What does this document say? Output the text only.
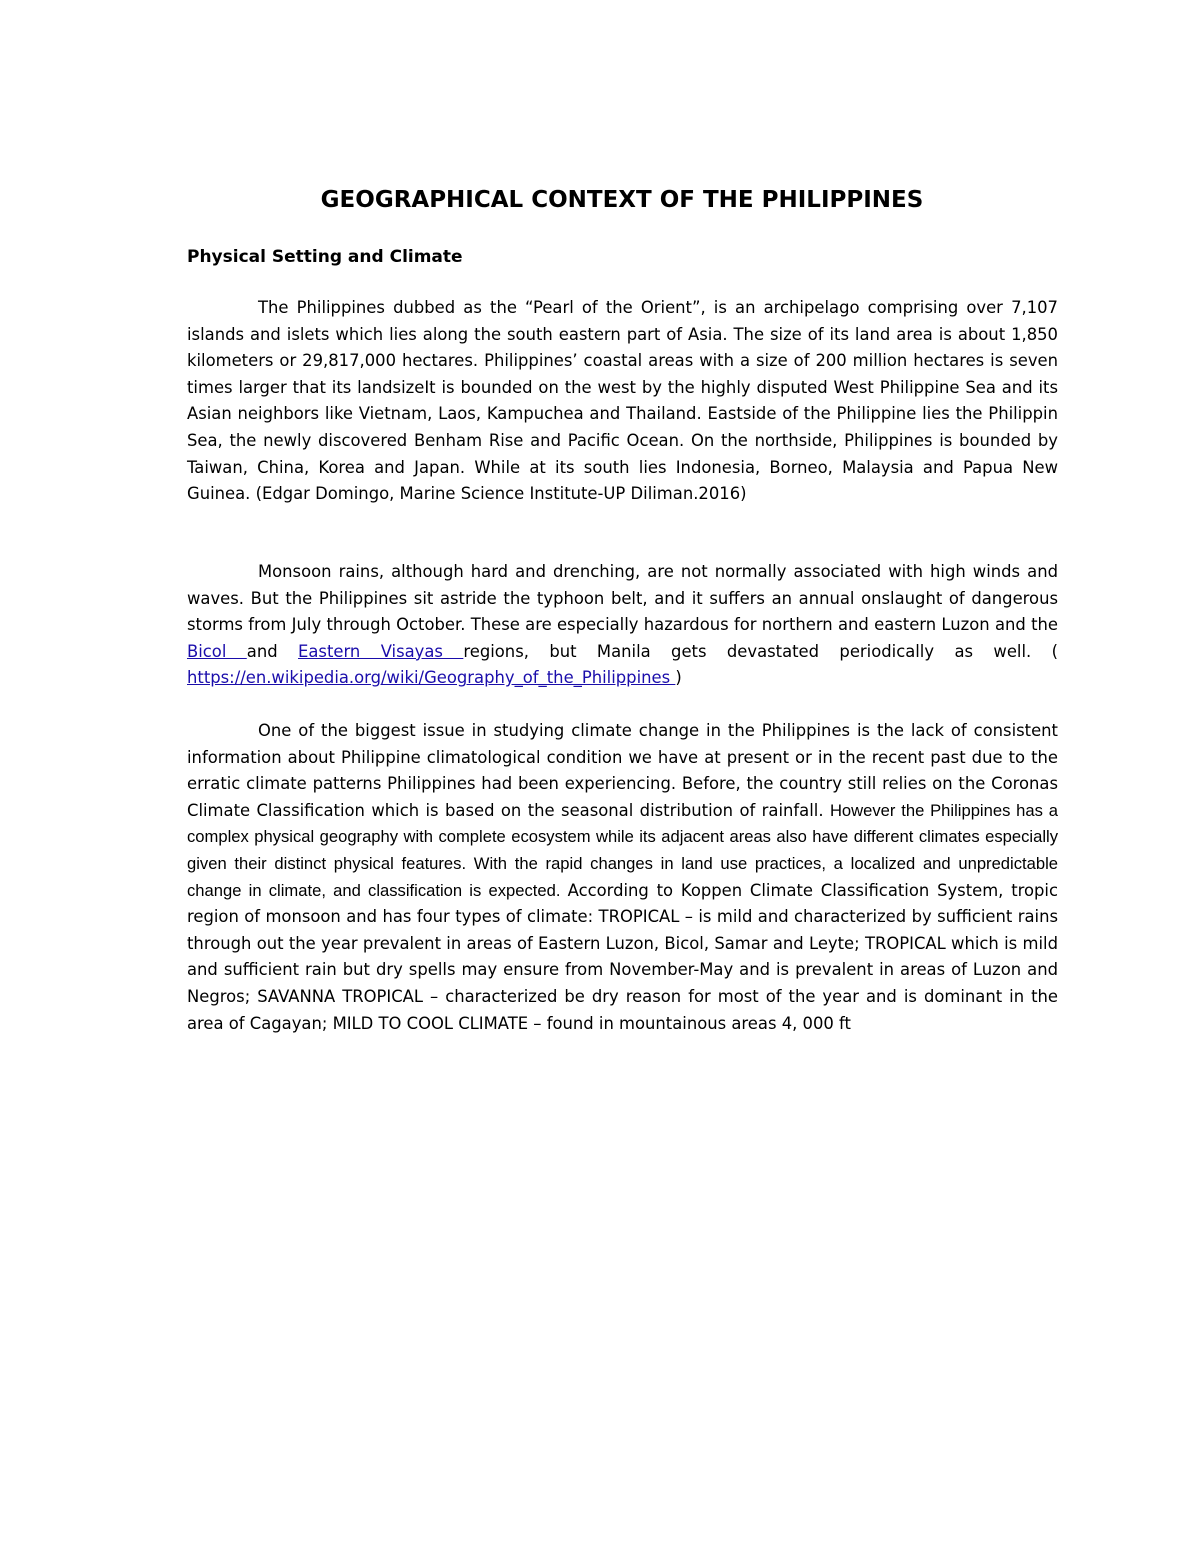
GEOGRAPHICAL CONTEXT OF THE PHILIPPINES
Physical Setting and Climate

The Philippines dubbed as the “Pearl of the Orient”, is an archipelago comprising over 7,107 islands and islets which lies along the south eastern part of Asia. The size of its land area is about 1,850 kilometers or 29,817,000 hectares. Philippines’ coastal areas with a size of 200 million hectares is seven times larger that its landsizeIt is bounded on the west by the highly disputed West Philippine Sea and its Asian neighbors like Vietnam, Laos, Kampuchea and Thailand. Eastside of the Philippine lies the Philippin Sea, the newly discovered Benham Rise and Pacific Ocean. On the northside, Philippines is bounded by Taiwan, China, Korea and Japan. While at its south lies Indonesia, Borneo, Malaysia and Papua New Guinea. (Edgar Domingo, Marine Science Institute-UP Diliman.2016)

Monsoon rains, although hard and drenching, are not normally associated with high winds and waves. But the Philippines sit astride the typhoon belt, and it suffers an annual onslaught of dangerous storms from July through October. These are especially hazardous for northern and eastern Luzon and the Bicol and Eastern Visayas regions, but Manila gets devastated periodically as well. ( https://en.wikipedia.org/wiki/Geography_of_the_Philippines )

One of the biggest issue in studying climate change in the Philippines is the lack of consistent information about Philippine climatological condition we have at present or in the recent past due to the erratic climate patterns Philippines had been experiencing. Before, the country still relies on the Coronas Climate Classification which is based on the seasonal distribution of rainfall. However the Philippines has a complex physical geography with complete ecosystem while its adjacent areas also have different climates especially given their distinct physical features. With the rapid changes in land use practices, a localized and unpredictable change in climate, and classification is expected. According to Koppen Climate Classification System, tropic region of monsoon and has four types of climate: TROPICAL – is mild and characterized by sufficient rains through out the year prevalent in areas of Eastern Luzon, Bicol, Samar and Leyte; TROPICAL which is mild and sufficient rain but dry spells may ensure from November-May and is prevalent in areas of Luzon and Negros; SAVANNA TROPICAL – characterized be dry reason for most of the year and is dominant in the area of Cagayan; MILD TO COOL CLIMATE – found in mountainous areas 4, 000 ft
